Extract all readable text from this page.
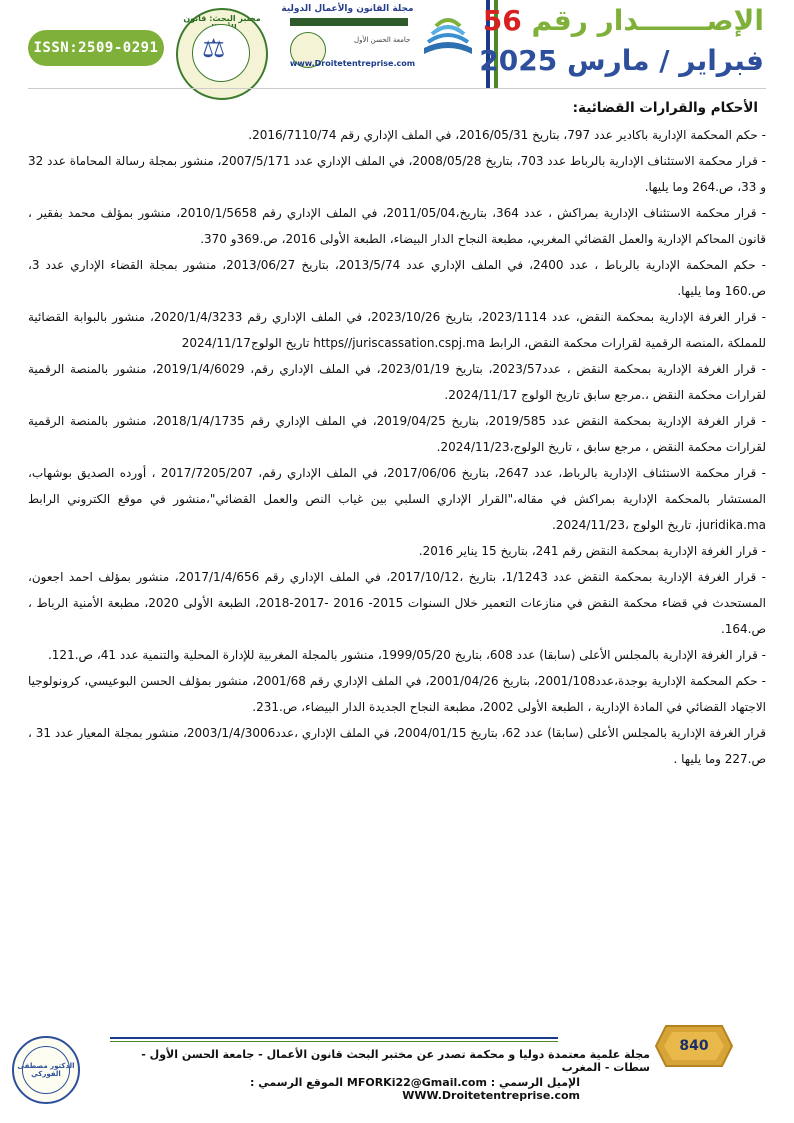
ISSN:2509-0291
مختبر البحث: قانون
⚖
مجلة القانون والأعمال الدولية
جامعة الحسن الأول
www.Droitetentreprise.com
الإصـــــــدار رقم 56
فبراير / مارس 2025
الأحكام والقرارات القضائية:

- حكم المحكمة الإدارية باكادير عدد 797، بتاريخ 2016/05/31، في الملف الإداري رقم 2016/7110/74.

- قرار محكمة الاستئناف الإدارية بالرباط عدد 703، بتاريخ 2008/05/28، في الملف الإداري عدد 2007/5/171، منشور بمجلة رسالة المحاماة عدد 32 و 33، ص.264 وما يليها.

- قرار محكمة الاستئناف الإدارية بمراكش ، عدد 364، بتاريخ،2011/05/04، في الملف الإداري رقم 2010/1/5658، منشور بمؤلف محمد بفقير ، قانون المحاكم الإدارية والعمل القضائي المغربي، مطبعة النجاح الدار البيضاء، الطبعة الأولى 2016، ص.369و 370.

- حكم المحكمة الإدارية بالرباط ، عدد 2400، في الملف الإداري عدد 2013/5/74، بتاريخ 2013/06/27، منشور بمجلة القضاء الإداري عدد 3، ص.160 وما يليها.

- قرار الغرفة الإدارية بمحكمة النقض، عدد 2023/1114، بتاريخ 2023/10/26، في الملف الإداري رقم 2020/1/4/3233، منشور بالبوابة القضائية للمملكة ،المنصة الرقمية لقرارات محكمة النقض، الرابط https//juriscassation.cspj.ma تاريخ الولوج2024/11/17

- قرار الغرفة الإدارية بمحكمة النقض ، عدد2023/57، بتاريخ 2023/01/19، في الملف الإداري رقم، 2019/1/4/6029، منشور بالمنصة الرقمية لقرارات محكمة النقض ،.مرجع سابق تاريخ الولوج 2024/11/17.

- قرار الغرفة الإدارية بمحكمة النقض عدد 2019/585، بتاريخ 2019/04/25، في الملف الإداري رقم 2018/1/4/1735، منشور بالمنصة الرقمية لقرارات محكمة النقض ، مرجع سابق ، تاريخ الولوج،2024/11/23.

- قرار محكمة الاستئناف الإدارية بالرباط، عدد 2647، بتاريخ 2017/06/06، في الملف الإداري رقم، 2017/7205/207 ، أورده الصديق بوشهاب، المستشار بالمحكمة الإدارية بمراكش في مقاله،"القرار الإداري السلبي بين غياب النص والعمل القضائي"،منشور في موقع الكتروني الرابط juridika.ma، تاريخ الولوج ،2024/11/23.

- قرار الغرفة الإدارية بمحكمة النقض رقم 241، بتاريخ 15 يناير 2016.

- قرار الغرفة الإدارية بمحكمة النقض عدد 1/1243، بتاريخ ،2017/10/12، في الملف الإداري رقم 2017/1/4/656، منشور بمؤلف احمد اجعون، المستحدث في قضاء محكمة النقض في منازعات التعمير خلال السنوات 2015- 2016 -2017-2018، الطبعة الأولى 2020، مطبعة الأمنية الرباط ، ص.164.

- قرار الغرفة الإدارية بالمجلس الأعلى (سابقا) عدد 608، بتاريخ 1999/05/20، منشور بالمجلة المغربية للإدارة المحلية والتنمية عدد 41، ص.121.

- حكم المحكمة الإدارية بوجدة،عدد2001/108، بتاريخ 2001/04/26، في الملف الإداري رقم 2001/68، منشور بمؤلف الحسن البوعيسي، كرونولوجيا الاجتهاد القضائي في المادة الإدارية ، الطبعة الأولى 2002، مطبعة النجاح الجديدة الدار البيضاء، ص.231.

قرار الغرفة الإدارية بالمجلس الأعلى (سابقا) عدد 62، بتاريخ 2004/01/15، في الملف الإداري ،عدد2003/1/4/3006، منشور بمجلة المعيار عدد 31 ، ص.227 وما يليها .

مجلة علمية معتمدة دوليا و محكمة تصدر عن مختبر البحث قانون الأعمال - جامعة الحسن الأول - سطات - المغرب
الإميل الرسمي : MFORKi22@Gmail.com الموقع الرسمي : WWW.Droitetentreprise.com
840
الدكتور مصطفى الفوركي
